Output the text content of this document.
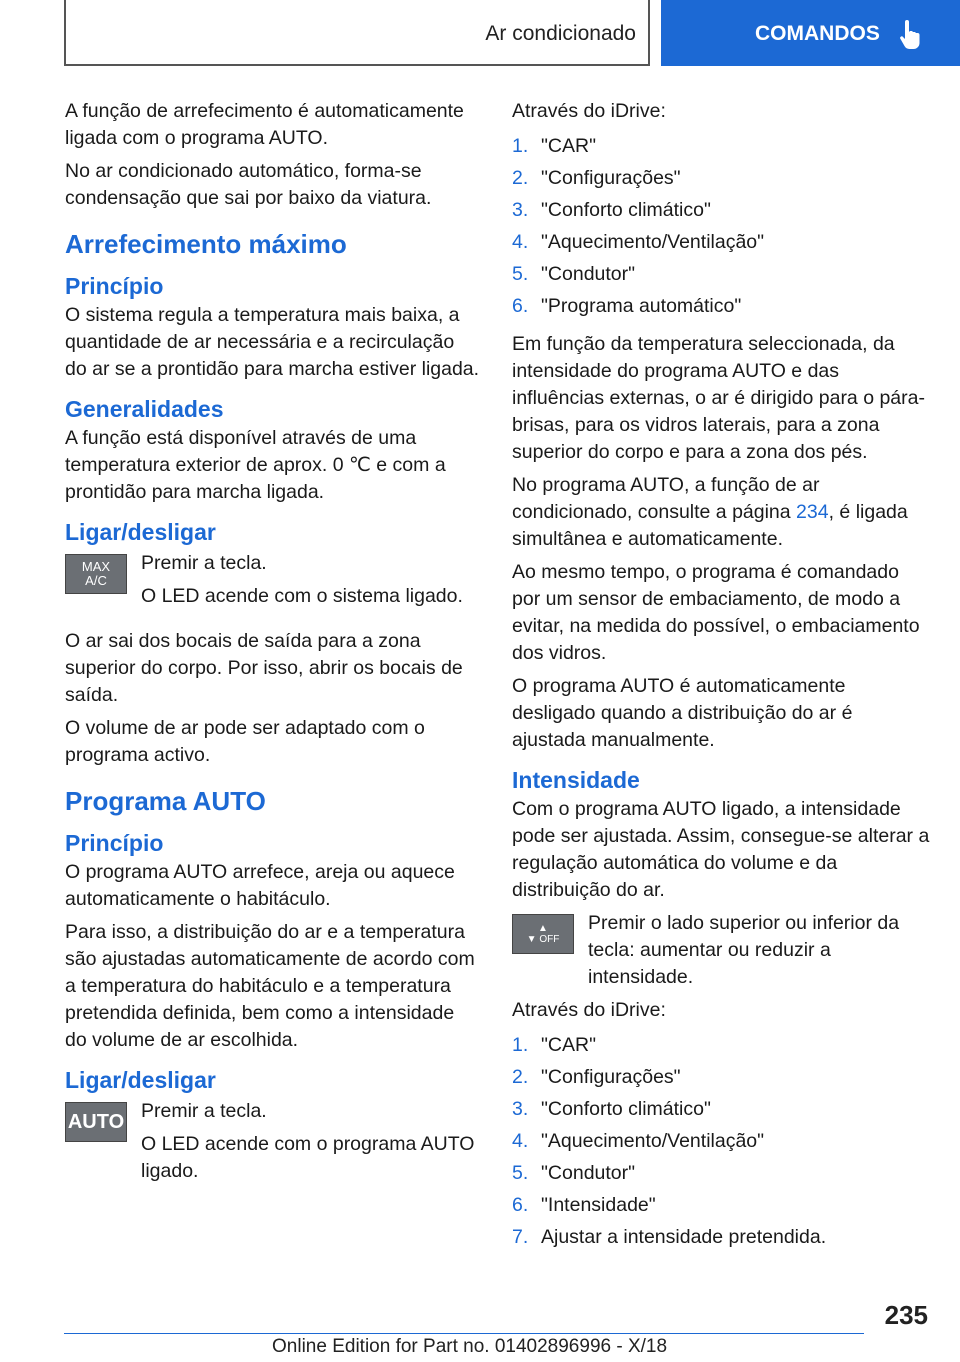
Ar condicionado	COMANDOS

A função de arrefecimento é automaticamente ligada com o programa AUTO.

No ar condicionado automático, forma-se condensação que sai por baixo da viatura.

Arrefecimento máximo
Princípio

O sistema regula a temperatura mais baixa, a quantidade de ar necessária e a recirculação do ar se a prontidão para marcha estiver ligada.

Generalidades

A função está disponível através de uma temperatura exterior de aprox. 0 ℃ e com a prontidão para marcha ligada.

Ligar/desligar
MAX
A/C

Premir a tecla.

O LED acende com o sistema ligado.

O ar sai dos bocais de saída para a zona superior do corpo. Por isso, abrir os bocais de saída.

O volume de ar pode ser adaptado com o programa activo.

Programa AUTO
Princípio

O programa AUTO arrefece, areja ou aquece automaticamente o habitáculo.

Para isso, a distribuição do ar e a temperatura são ajustadas automaticamente de acordo com a temperatura do habitáculo e a temperatura pretendida definida, bem como a intensidade do volume de ar escolhida.

Ligar/desligar
AUTO Premir a tecla.

O LED acende com o programa AUTO ligado.

Através do iDrive:

1. "CAR"
2. "Configurações"
3. "Conforto climático"
4. "Aquecimento/Ventilação"
5. "Condutor"
6. "Programa automático"

Em função da temperatura seleccionada, da intensidade do programa AUTO e das influências externas, o ar é dirigido para o pára-brisas, para os vidros laterais, para a zona superior do corpo e para a zona dos pés.

No programa AUTO, a função de ar condicionado, consulte a página 234, é ligada simultânea e automaticamente.

Ao mesmo tempo, o programa é comandado por um sensor de embaciamento, de modo a evitar, na medida do possível, o embaciamento dos vidros.

O programa AUTO é automaticamente desligado quando a distribuição do ar é ajustada manualmente.

Intensidade

Com o programa AUTO ligado, a intensidade pode ser ajustada. Assim, consegue-se alterar a regulação automática do volume e da distribuição do ar.

▲
▼ OFF

Premir o lado superior ou inferior da tecla: aumentar ou reduzir a intensidade.

Através do iDrive:

1. "CAR"
2. "Configurações"
3. "Conforto climático"
4. "Aquecimento/Ventilação"
5. "Condutor"
6. "Intensidade"
7. Ajustar a intensidade pretendida.
235
Online Edition for Part no. 01402896996 - X/18
